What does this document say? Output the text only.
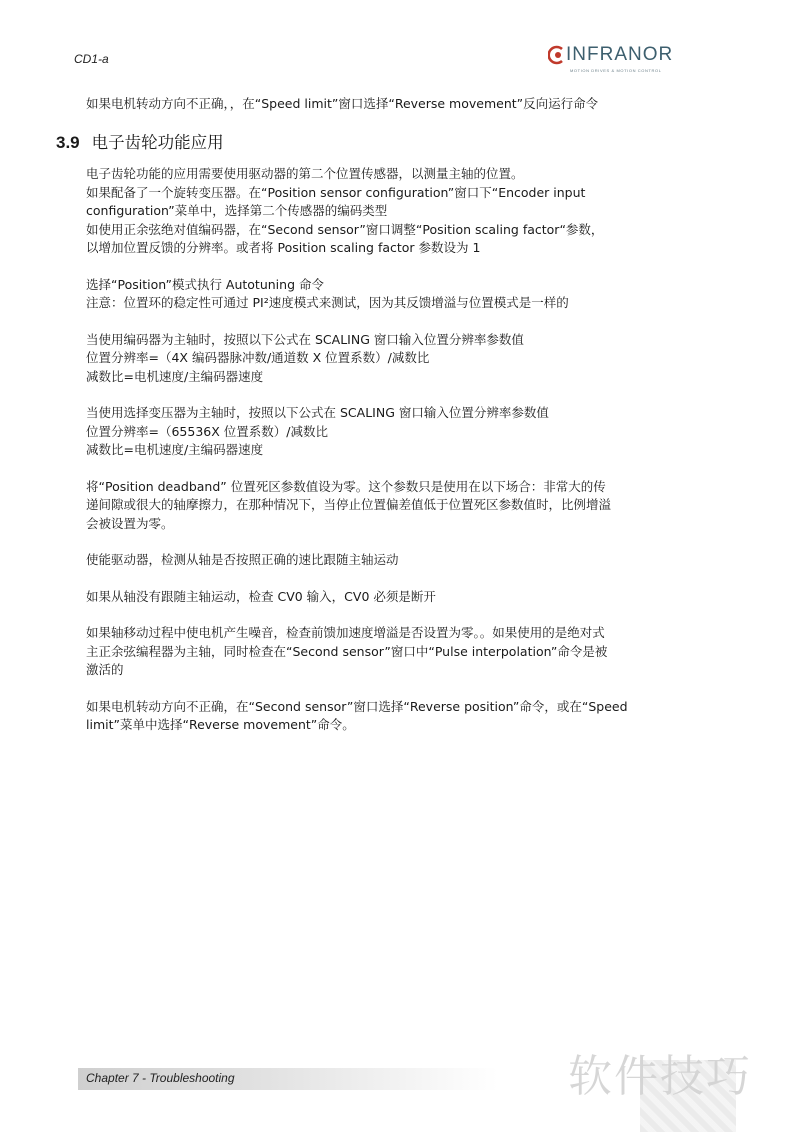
CD1-a	INFRANOR
MOTION DRIVES & MOTION CONTROL
如果电机转动方向不正确，，在“Speed limit”窗口选择“Reverse movement”反向运行命令
3.9 电子齿轮功能应用
电子齿轮功能的应用需要使用驱动器的第二个位置传感器，以测量主轴的位置。
如果配备了一个旋转变压器。在“Position sensor configuration”窗口下“Encoder input
configuration”菜单中，选择第二个传感器的编码类型
如使用正余弦绝对值编码器，在“Second sensor”窗口调整“Position scaling factor“参数，
以增加位置反馈的分辨率。或者将 Position scaling factor 参数设为 1
选择“Position”模式执行 Autotuning 命令
注意：位置环的稳定性可通过 PI²速度模式来测试，因为其反馈增溢与位置模式是一样的
当使用编码器为主轴时，按照以下公式在 SCALING 窗口输入位置分辨率参数值
位置分辨率=（4X 编码器脉冲数/通道数 X 位置系数）/减数比
减数比=电机速度/主编码器速度
当使用选择变压器为主轴时，按照以下公式在 SCALING 窗口输入位置分辨率参数值
位置分辨率=（65536X 位置系数）/减数比
减数比=电机速度/主编码器速度
将“Position deadband” 位置死区参数值设为零。这个参数只是使用在以下场合：非常大的传
递间隙或很大的轴摩擦力，在那种情况下，当停止位置偏差值低于位置死区参数值时，比例增溢
会被设置为零。
使能驱动器，检测从轴是否按照正确的速比跟随主轴运动
如果从轴没有跟随主轴运动，检查 CV0 输入，CV0 必须是断开
如果轴移动过程中使电机产生噪音，检查前馈加速度增溢是否设置为零。。如果使用的是绝对式
主正余弦编程器为主轴，同时检查在“Second sensor”窗口中“Pulse interpolation”命令是被
激活的
如果电机转动方向不正确，在“Second sensor”窗口选择“Reverse position”命令，或在“Speed
limit”菜单中选择“Reverse movement”命令。
Chapter 7 - Troubleshooting	软件技巧
